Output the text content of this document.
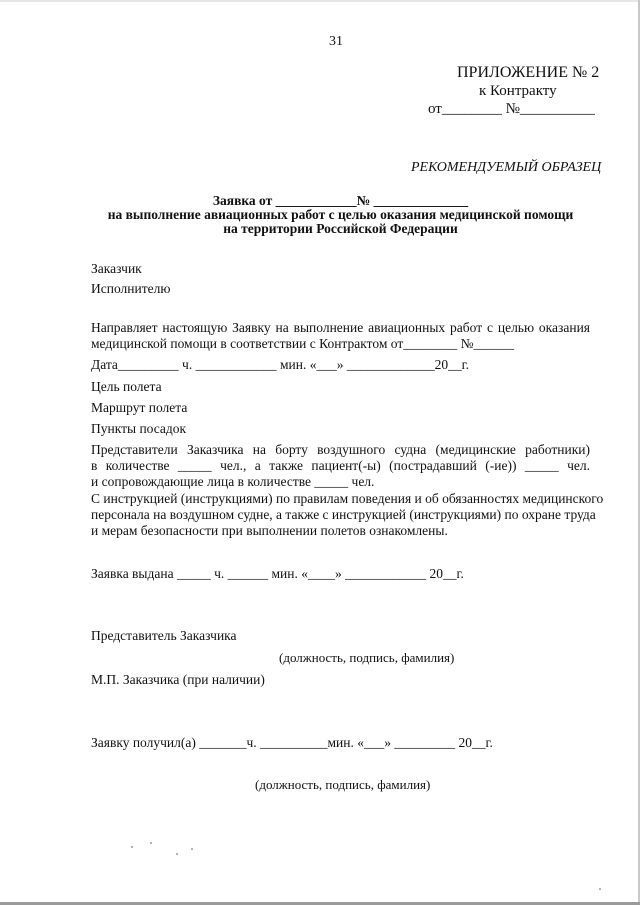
31
ПРИЛОЖЕНИЕ № 2
к Контракту
от________ №__________
РЕКОМЕНДУЕМЫЙ ОБРАЗЕЦ
Заявка от ____________№ ______________
на выполнение авиационных работ с целью оказания медицинской помощи
на территории Российской Федерации
Заказчик
Исполнителю
Направляет настоящую Заявку на выполнение авиационных работ с целью оказания
медицинской помощи в соответствии с Контрактом от________ №______
Дата_________ ч. ____________ мин. «___» _____________20__г.
Цель полета
Маршрут полета
Пункты посадок
Представители Заказчика на борту воздушного судна (медицинские работники)
в количестве _____ чел., а также пациент(-ы) (пострадавший (-ие)) _____ чел.
и сопровождающие лица в количестве _____ чел.
С инструкцией (инструкциями) по правилам поведения и об обязанностях медицинского
персонала на воздушном судне, а также с инструкцией (инструкциями) по охране труда
и мерам безопасности при выполнении полетов ознакомлены.
Заявка выдана _____ ч. ______ мин. «____» ____________ 20__г.
Представитель Заказчика
(должность, подпись, фамилия)
М.П. Заказчика (при наличии)
Заявку получил(а) _______ч. __________мин. «___» _________ 20__г.
(должность, подпись, фамилия)
